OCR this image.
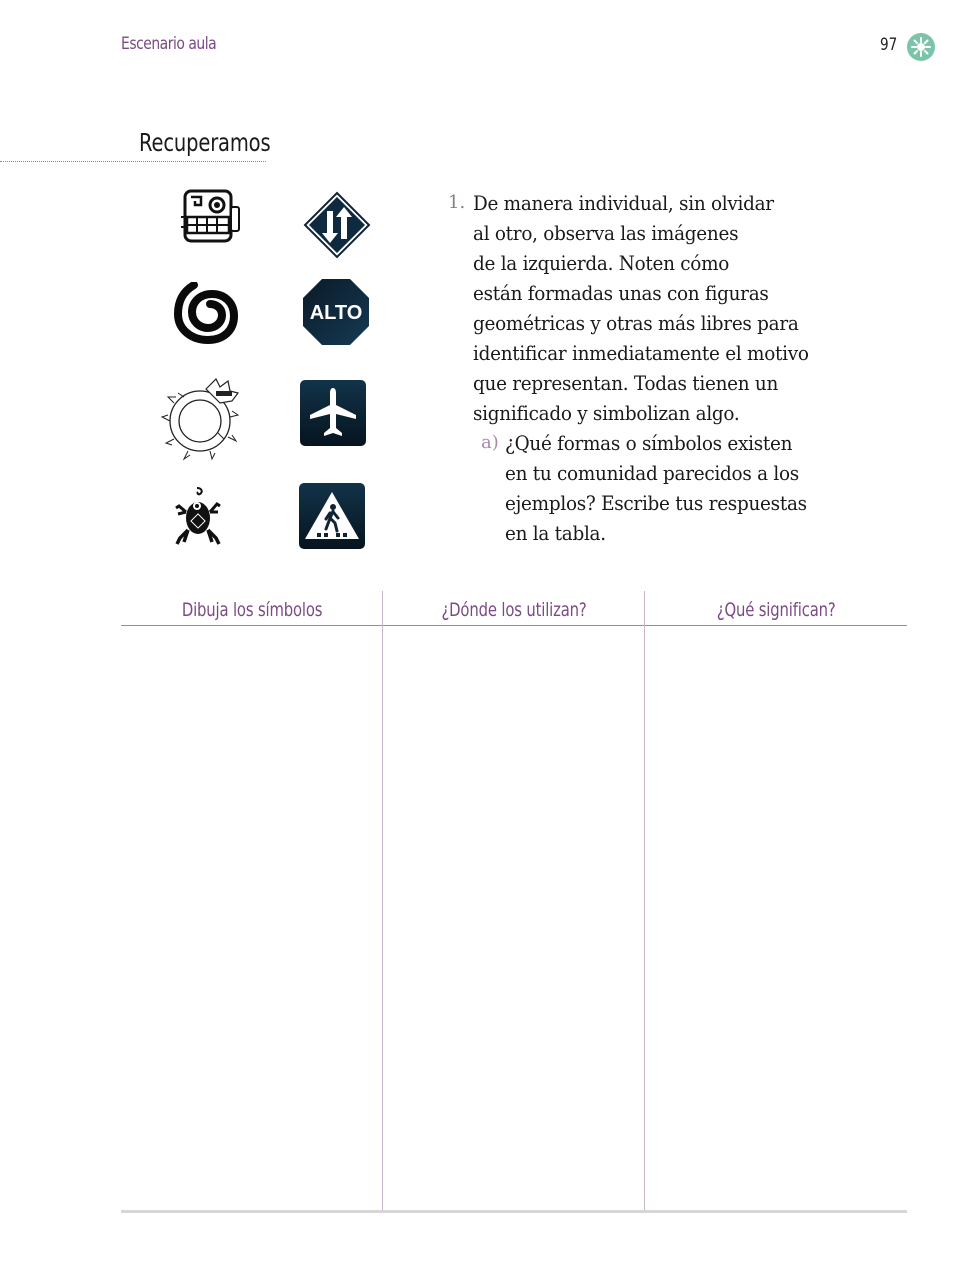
Escenario aula	97
Recuperamos
ALTO
1. De manera individual, sin olvidar
al otro, observa las imágenes
de la izquierda. Noten cómo
están formadas unas con figuras
geométricas y otras más libres para
identificar inmediatamente el motivo
que representan. Todas tienen un
significado y simbolizan algo.
a) ¿Qué formas o símbolos existen
en tu comunidad parecidos a los
ejemplos? Escribe tus respuestas
en la tabla.
Dibuja los símbolos	¿Dónde los utilizan?	¿Qué significan?
